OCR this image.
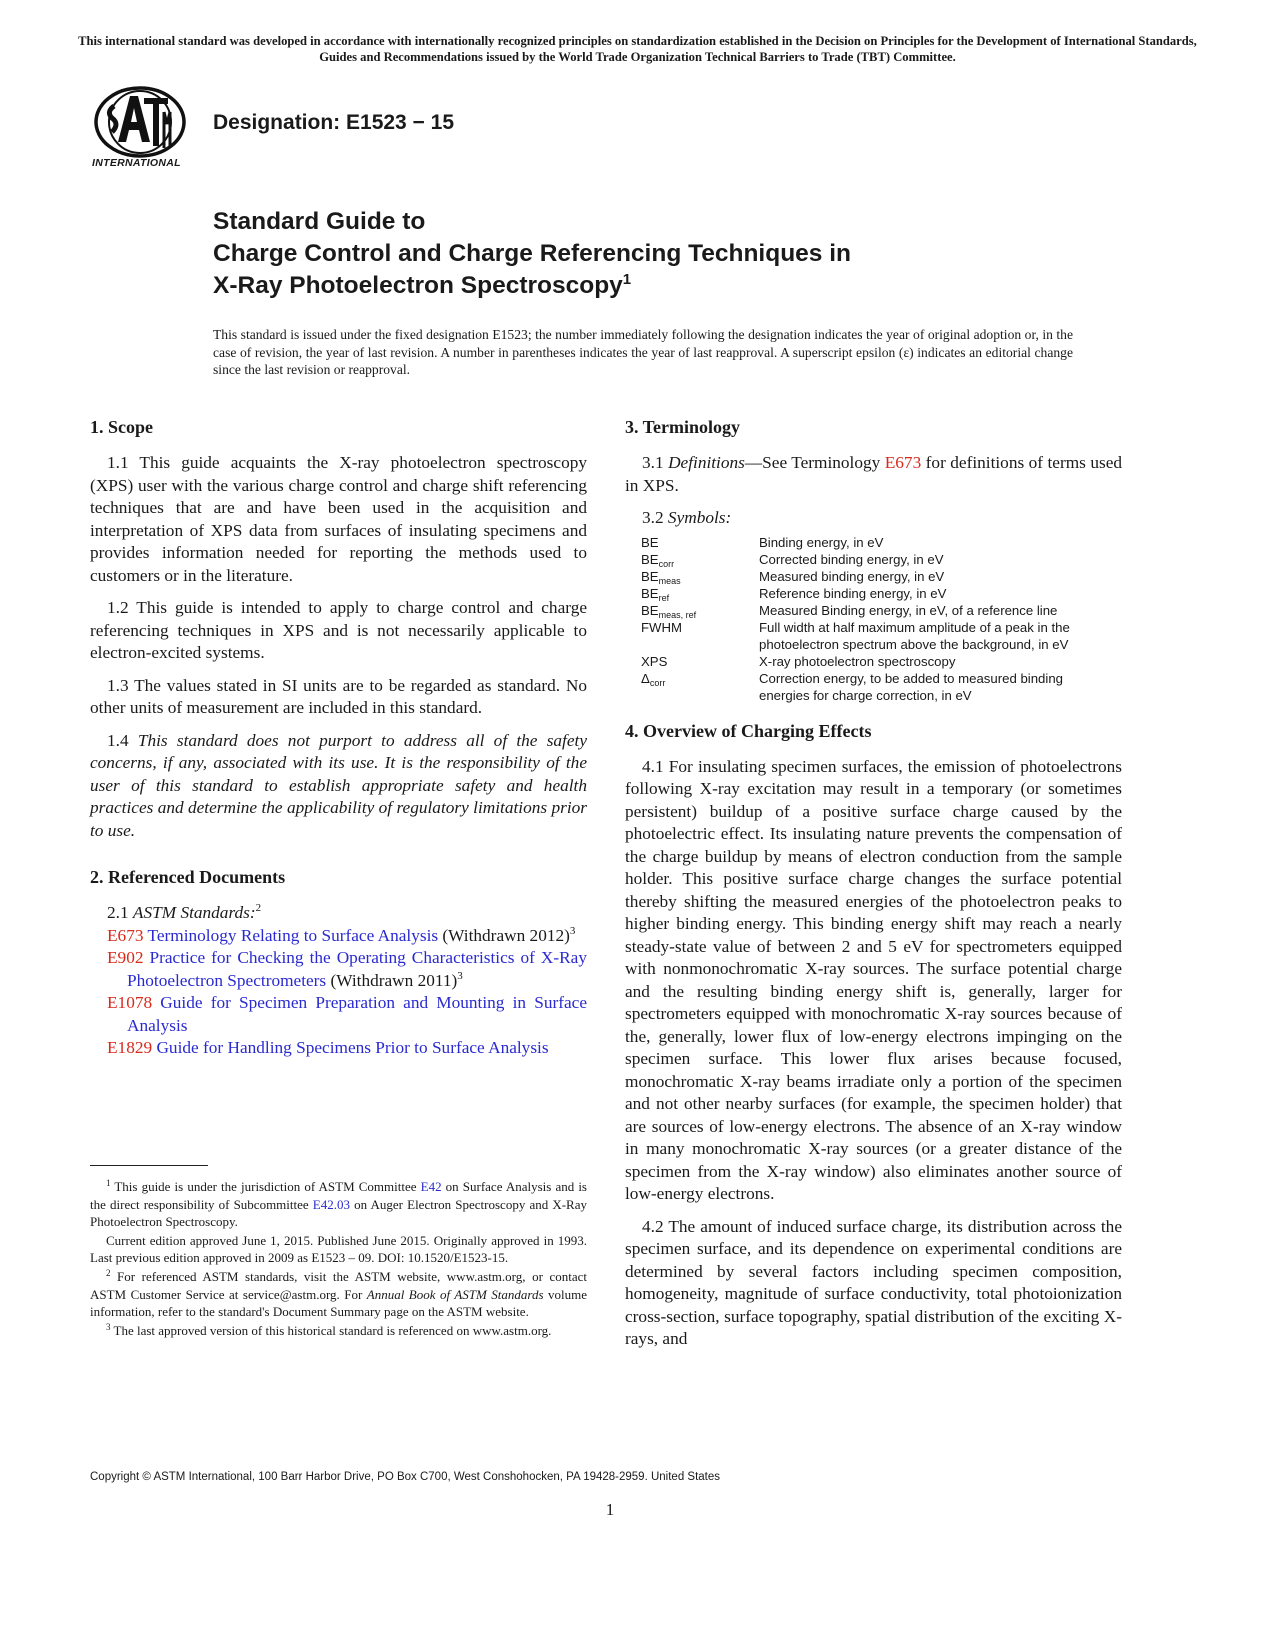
This international standard was developed in accordance with internationally recognized principles on standardization established in the Decision on Principles for the Development of International Standards, Guides and Recommendations issued by the World Trade Organization Technical Barriers to Trade (TBT) Committee.
INTERNATIONAL
Designation: E1523 − 15
Standard Guide to
Charge Control and Charge Referencing Techniques in
X-Ray Photoelectron Spectroscopy$^1$
This standard is issued under the fixed designation E1523; the number immediately following the designation indicates the year of original adoption or, in the case of revision, the year of last revision. A number in parentheses indicates the year of last reapproval. A superscript epsilon (ε) indicates an editorial change since the last revision or reapproval.
1. Scope

1.1 This guide acquaints the X-ray photoelectron spectroscopy (XPS) user with the various charge control and charge shift referencing techniques that are and have been used in the acquisition and interpretation of XPS data from surfaces of insulating specimens and provides information needed for reporting the methods used to customers or in the literature.

1.2 This guide is intended to apply to charge control and charge referencing techniques in XPS and is not necessarily applicable to electron-excited systems.

1.3 The values stated in SI units are to be regarded as standard. No other units of measurement are included in this standard.

1.4 This standard does not purport to address all of the safety concerns, if any, associated with its use. It is the responsibility of the user of this standard to establish appropriate safety and health practices and determine the applicability of regulatory limitations prior to use.

2. Referenced Documents

2.1 ASTM Standards:$^2$

E673 Terminology Relating to Surface Analysis (Withdrawn 2012)$^3$
E902 Practice for Checking the Operating Characteristics of X-Ray Photoelectron Spectrometers (Withdrawn 2011)$^3$
E1078 Guide for Specimen Preparation and Mounting in Surface Analysis
E1829 Guide for Handling Specimens Prior to Surface Analysis

$^1$ This guide is under the jurisdiction of ASTM Committee E42 on Surface Analysis and is the direct responsibility of Subcommittee E42.03 on Auger Electron Spectroscopy and X-Ray Photoelectron Spectroscopy.

Current edition approved June 1, 2015. Published June 2015. Originally approved in 1993. Last previous edition approved in 2009 as E1523 – 09. DOI: 10.1520/E1523-15.

$^2$ For referenced ASTM standards, visit the ASTM website, www.astm.org, or contact ASTM Customer Service at service@astm.org. For Annual Book of ASTM Standards volume information, refer to the standard's Document Summary page on the ASTM website.

$^3$ The last approved version of this historical standard is referenced on www.astm.org.

3. Terminology

3.1 Definitions—See Terminology E673 for definitions of terms used in XPS.

3.2 Symbols:

BE	Binding energy, in eV
$BE_{corr}$	Corrected binding energy, in eV
$BE_{meas}$	Measured binding energy, in eV
$BE_{ref}$	Reference binding energy, in eV
$BE_{meas, ref}$	Measured Binding energy, in eV, of a reference line
FWHM	Full width at half maximum amplitude of a peak in the photoelectron spectrum above the background, in eV
XPS	X-ray photoelectron spectroscopy
$\Delta_{corr}$	Correction energy, to be added to measured binding energies for charge correction, in eV
4. Overview of Charging Effects

4.1 For insulating specimen surfaces, the emission of photoelectrons following X-ray excitation may result in a temporary (or sometimes persistent) buildup of a positive surface charge caused by the photoelectric effect. Its insulating nature prevents the compensation of the charge buildup by means of electron conduction from the sample holder. This positive surface charge changes the surface potential thereby shifting the measured energies of the photoelectron peaks to higher binding energy. This binding energy shift may reach a nearly steady-state value of between 2 and 5 eV for spectrometers equipped with nonmonochromatic X-ray sources. The surface potential charge and the resulting binding energy shift is, generally, larger for spectrometers equipped with monochromatic X-ray sources because of the, generally, lower flux of low-energy electrons impinging on the specimen surface. This lower flux arises because focused, monochromatic X-ray beams irradiate only a portion of the specimen and not other nearby surfaces (for example, the specimen holder) that are sources of low-energy electrons. The absence of an X-ray window in many monochromatic X-ray sources (or a greater distance of the specimen from the X-ray window) also eliminates another source of low-energy electrons.

4.2 The amount of induced surface charge, its distribution across the specimen surface, and its dependence on experimental conditions are determined by several factors including specimen composition, homogeneity, magnitude of surface conductivity, total photoionization cross-section, surface topography, spatial distribution of the exciting X-rays, and

Copyright © ASTM International, 100 Barr Harbor Drive, PO Box C700, West Conshohocken, PA 19428-2959. United States
1
